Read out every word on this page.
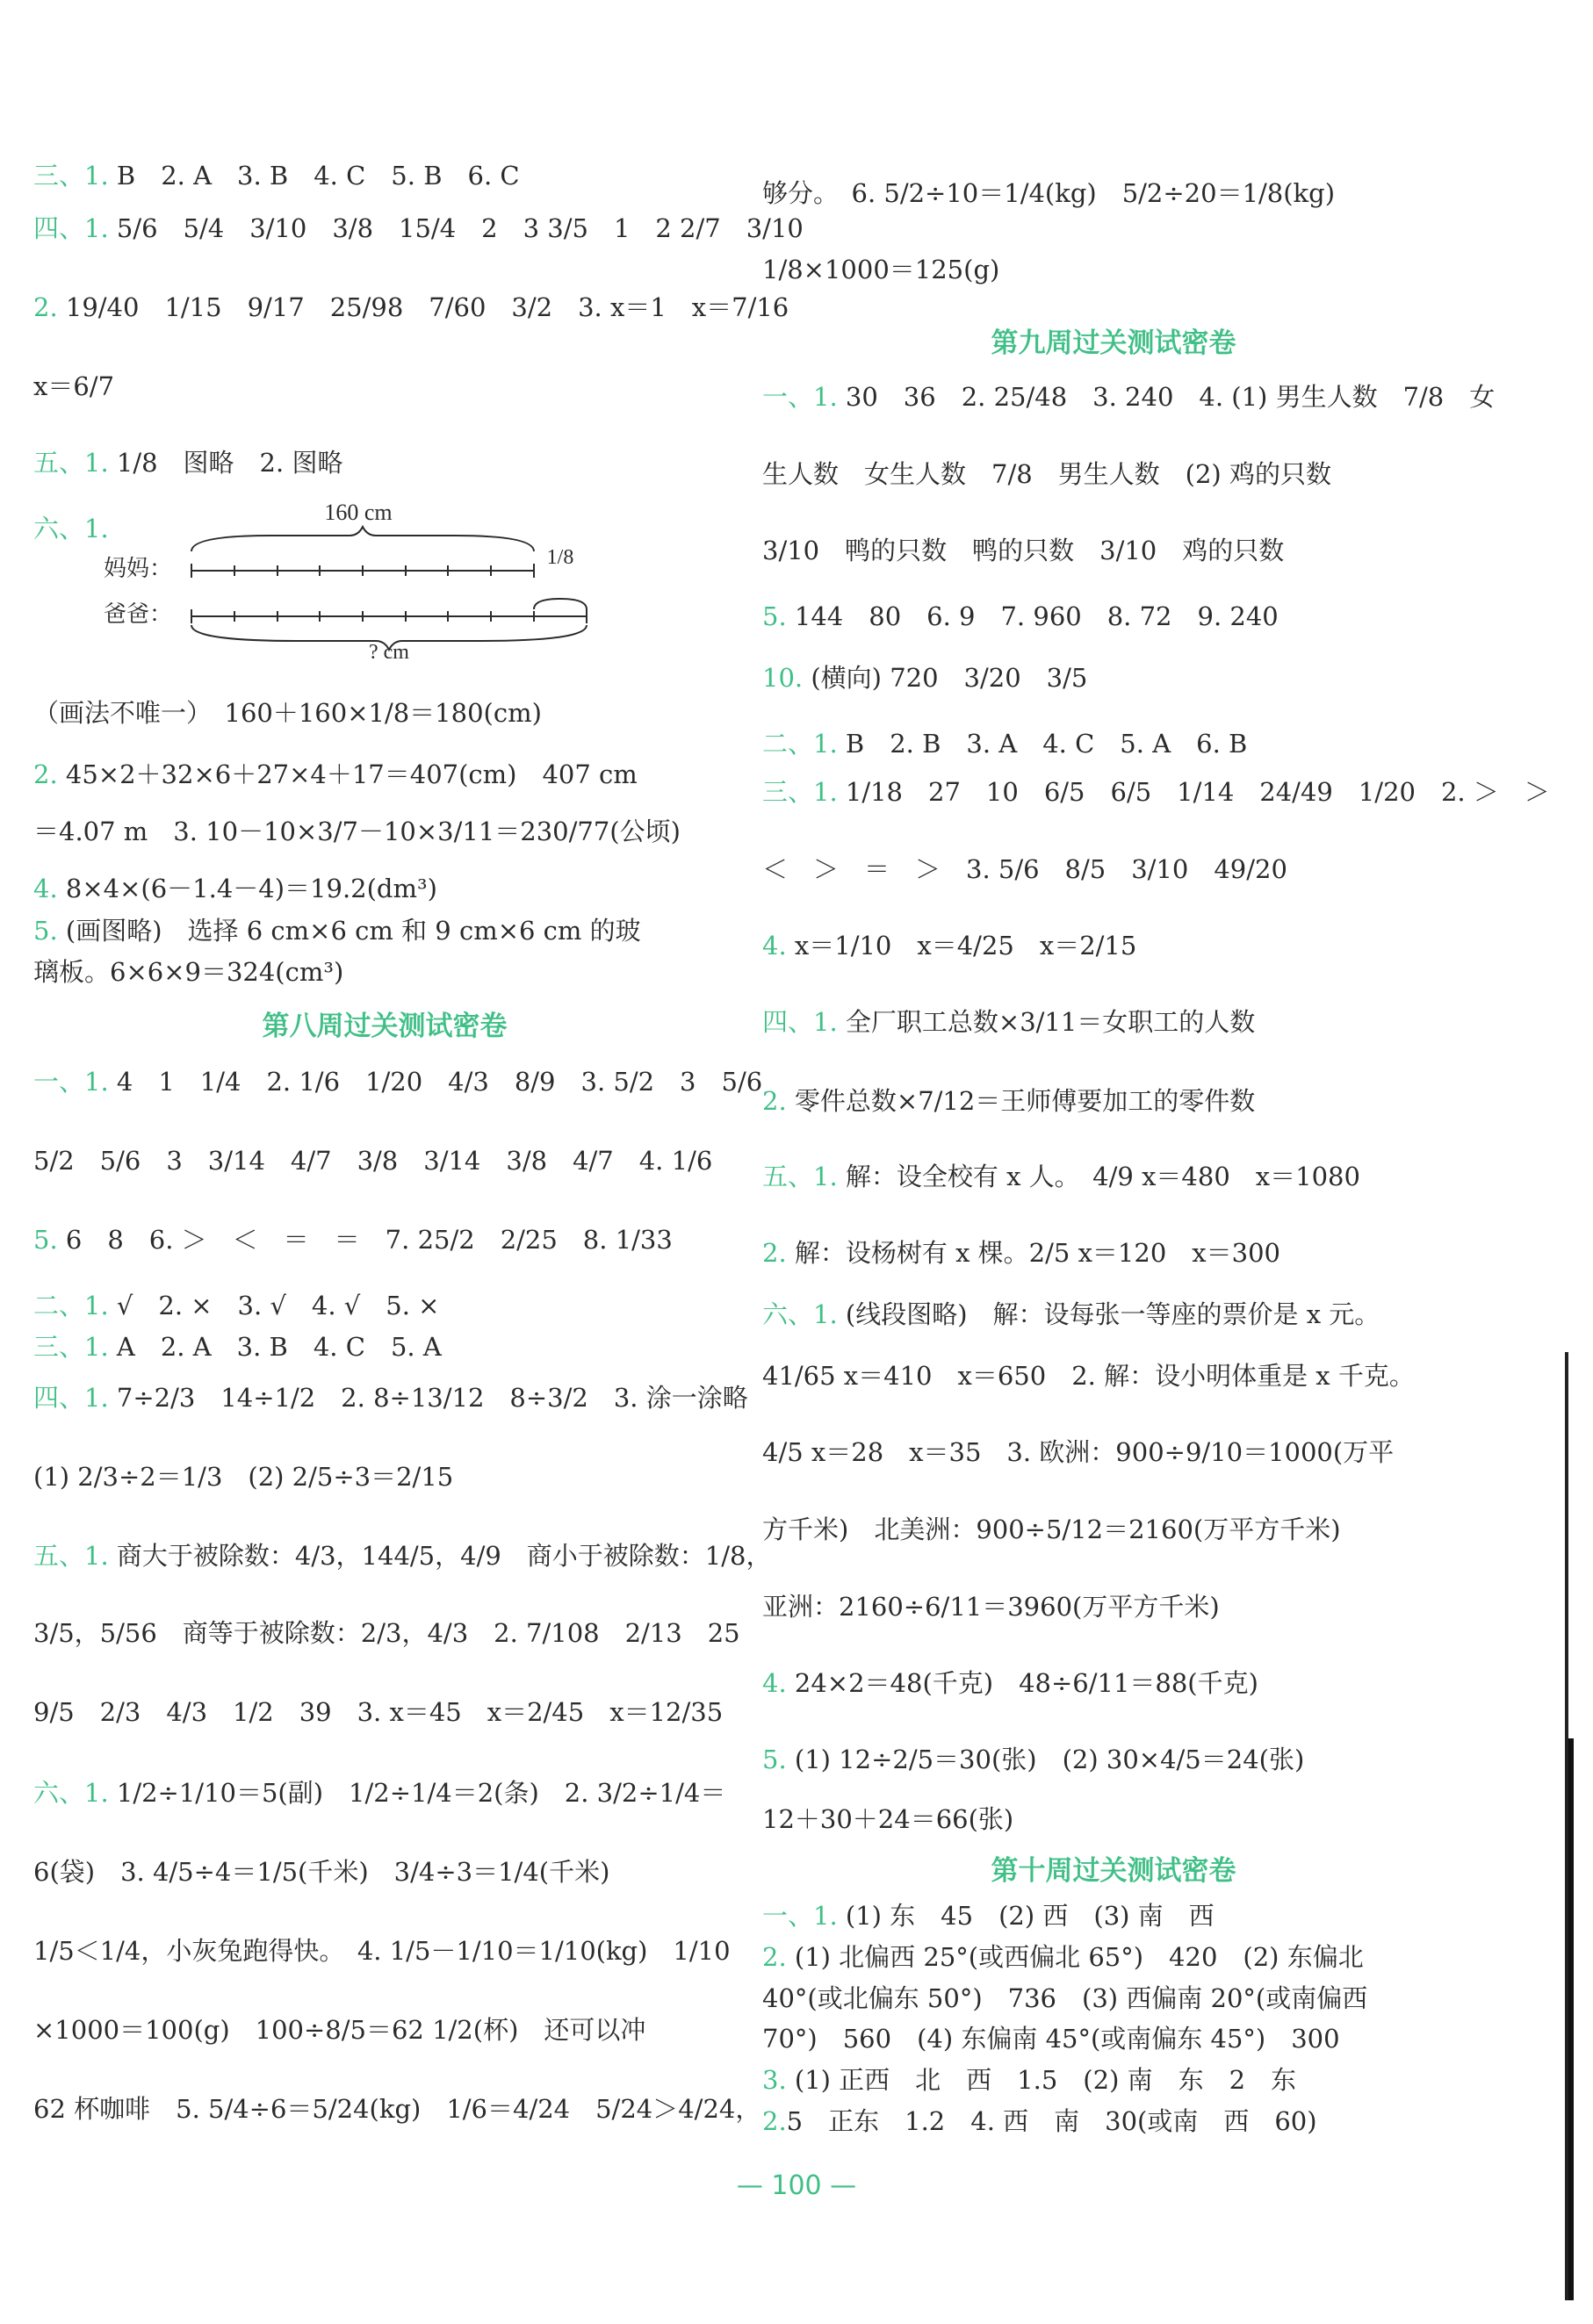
三、1. B　2. A　3. B　4. C　5. B　6. C
四、1. 5/6　5/4　3/10　3/8　15/4　2　3 3/5　1　2 2/7　3/10
2. 19/40　1/15　9/17　25/98　7/60　3/2　3. x＝1　x＝7/16
x＝6/7
五、1. 1/8　图略　2. 图略
六、1.
160 cm
妈妈：
爸爸：
1/8
? cm
（画法不唯一）　160＋160×1/8＝180(cm)
2. 45×2＋32×6＋27×4＋17＝407(cm)　407 cm
＝4.07 m　3. 10－10×3/7－10×3/11＝230/77(公顷)
4. 8×4×(6－1.4－4)＝19.2(dm³)
5. (画图略)　选择 6 cm×6 cm 和 9 cm×6 cm 的玻
璃板。6×6×9＝324(cm³)
第八周过关测试密卷
一、1. 4　1　1/4　2. 1/6　1/20　4/3　8/9　3. 5/2　3　5/6
5/2　5/6　3　3/14　4/7　3/8　3/14　3/8　4/7　4. 1/6
5. 6　8　6. ＞　＜　＝　＝　7. 25/2　2/25　8. 1/33
二、1. √　2. ×　3. √　4. √　5. ×
三、1. A　2. A　3. B　4. C　5. A
四、1. 7÷2/3　14÷1/2　2. 8÷13/12　8÷3/2　3. 涂一涂略
(1) 2/3÷2＝1/3　(2) 2/5÷3＝2/15
五、1. 商大于被除数：4/3，144/5，4/9　商小于被除数：1/8，
3/5，5/56　商等于被除数：2/3，4/3　2. 7/108　2/13　25
9/5　2/3　4/3　1/2　39　3. x＝45　x＝2/45　x＝12/35
六、1. 1/2÷1/10＝5(副)　1/2÷1/4＝2(条)　2. 3/2÷1/4＝
6(袋)　3. 4/5÷4＝1/5(千米)　3/4÷3＝1/4(千米)
1/5＜1/4，小灰兔跑得快。　4. 1/5－1/10＝1/10(kg)　1/10
×1000＝100(g)　100÷8/5＝62 1/2(杯)　还可以冲
62 杯咖啡　5. 5/4÷6＝5/24(kg)　1/6＝4/24　5/24＞4/24，
够分。　6. 5/2÷10＝1/4(kg)　5/2÷20＝1/8(kg)
1/8×1000＝125(g)
第九周过关测试密卷
一、1. 30　36　2. 25/48　3. 240　4. (1) 男生人数　7/8　女
生人数　女生人数　7/8　男生人数　(2) 鸡的只数
3/10　鸭的只数　鸭的只数　3/10　鸡的只数
5. 144　80　6. 9　7. 960　8. 72　9. 240
10. (横向) 720　3/20　3/5
二、1. B　2. B　3. A　4. C　5. A　6. B
三、1. 1/18　27　10　6/5　6/5　1/14　24/49　1/20　2. ＞　＞
＜　＞　＝　＞　3. 5/6　8/5　3/10　49/20
4. x＝1/10　x＝4/25　x＝2/15
四、1. 全厂职工总数×3/11＝女职工的人数
2. 零件总数×7/12＝王师傅要加工的零件数
五、1. 解：设全校有 x 人。　4/9 x＝480　x＝1080
2. 解：设杨树有 x 棵。2/5 x＝120　x＝300
六、1. (线段图略)　解：设每张一等座的票价是 x 元。
41/65 x＝410　x＝650　2. 解：设小明体重是 x 千克。
4/5 x＝28　x＝35　3. 欧洲：900÷9/10＝1000(万平
方千米)　北美洲：900÷5/12＝2160(万平方千米)
亚洲：2160÷6/11＝3960(万平方千米)
4. 24×2＝48(千克)　48÷6/11＝88(千克)
5. (1) 12÷2/5＝30(张)　(2) 30×4/5＝24(张)
12＋30＋24＝66(张)
第十周过关测试密卷
一、1. (1) 东　45　(2) 西　(3) 南　西
2. (1) 北偏西 25°(或西偏北 65°)　420　(2) 东偏北
40°(或北偏东 50°)　736　(3) 西偏南 20°(或南偏西
70°)　560　(4) 东偏南 45°(或南偏东 45°)　300
3. (1) 正西　北　西　1.5　(2) 南　东　2　东
2.5　正东　1.2　4. 西　南　30(或南　西　60)
— 100 —
